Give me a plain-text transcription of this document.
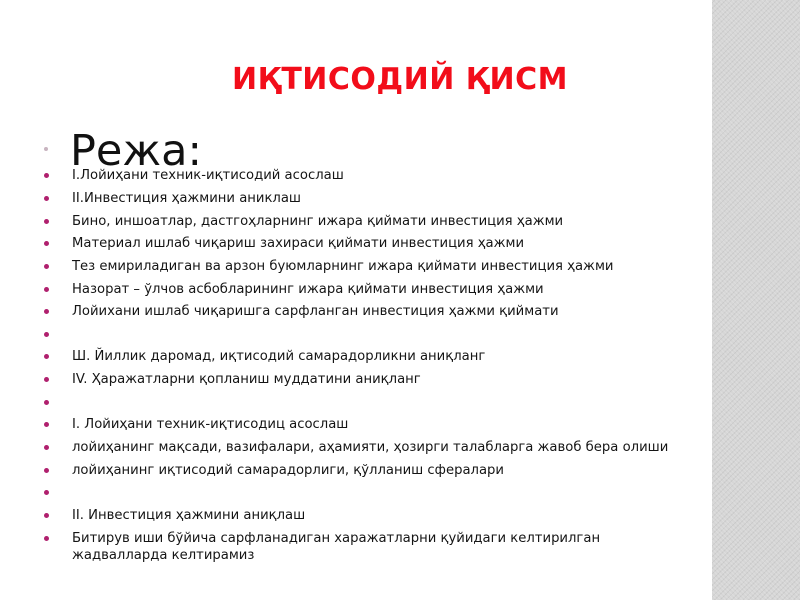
ИҚТИСОДИЙ ҚИСМ
Режа:
I.Лойиҳани техник-иқтисодий асослаш
II.Инвестиция ҳажмини аниклаш
Бино, иншоатлар, дастгоҳларнинг ижара қиймати инвестиция ҳажми
Материал ишлаб чиқариш захираси қиймати инвестиция ҳажми
Тез емириладиган ва арзон буюмларнинг ижара қиймати инвестиция ҳажми
Назорат – ўлчов асбобларининг ижара қиймати инвестиция ҳажми
Лойихани ишлаб чиқаришга сарфланган инвестиция ҳажми қиймати
Ш. Йиллик даромад, иқтисодий самарадорликни аниқланг
IV. Ҳаражатларни қопланиш муддатини аниқланг
I. Лойиҳани техник-иқтисодиц асослаш
лойиҳанинг мақсади, вазифалари, аҳамияти, ҳозирги талабларга жавоб бера олиши
лойиҳанинг иқтисодий самарадорлиги, қўлланиш сфералари
II. Инвестиция ҳажмини аниқлаш
Битирув иши бўйича сарфланадиган харажатларни қуйидаги келтирилган жадвалларда келтирамиз
